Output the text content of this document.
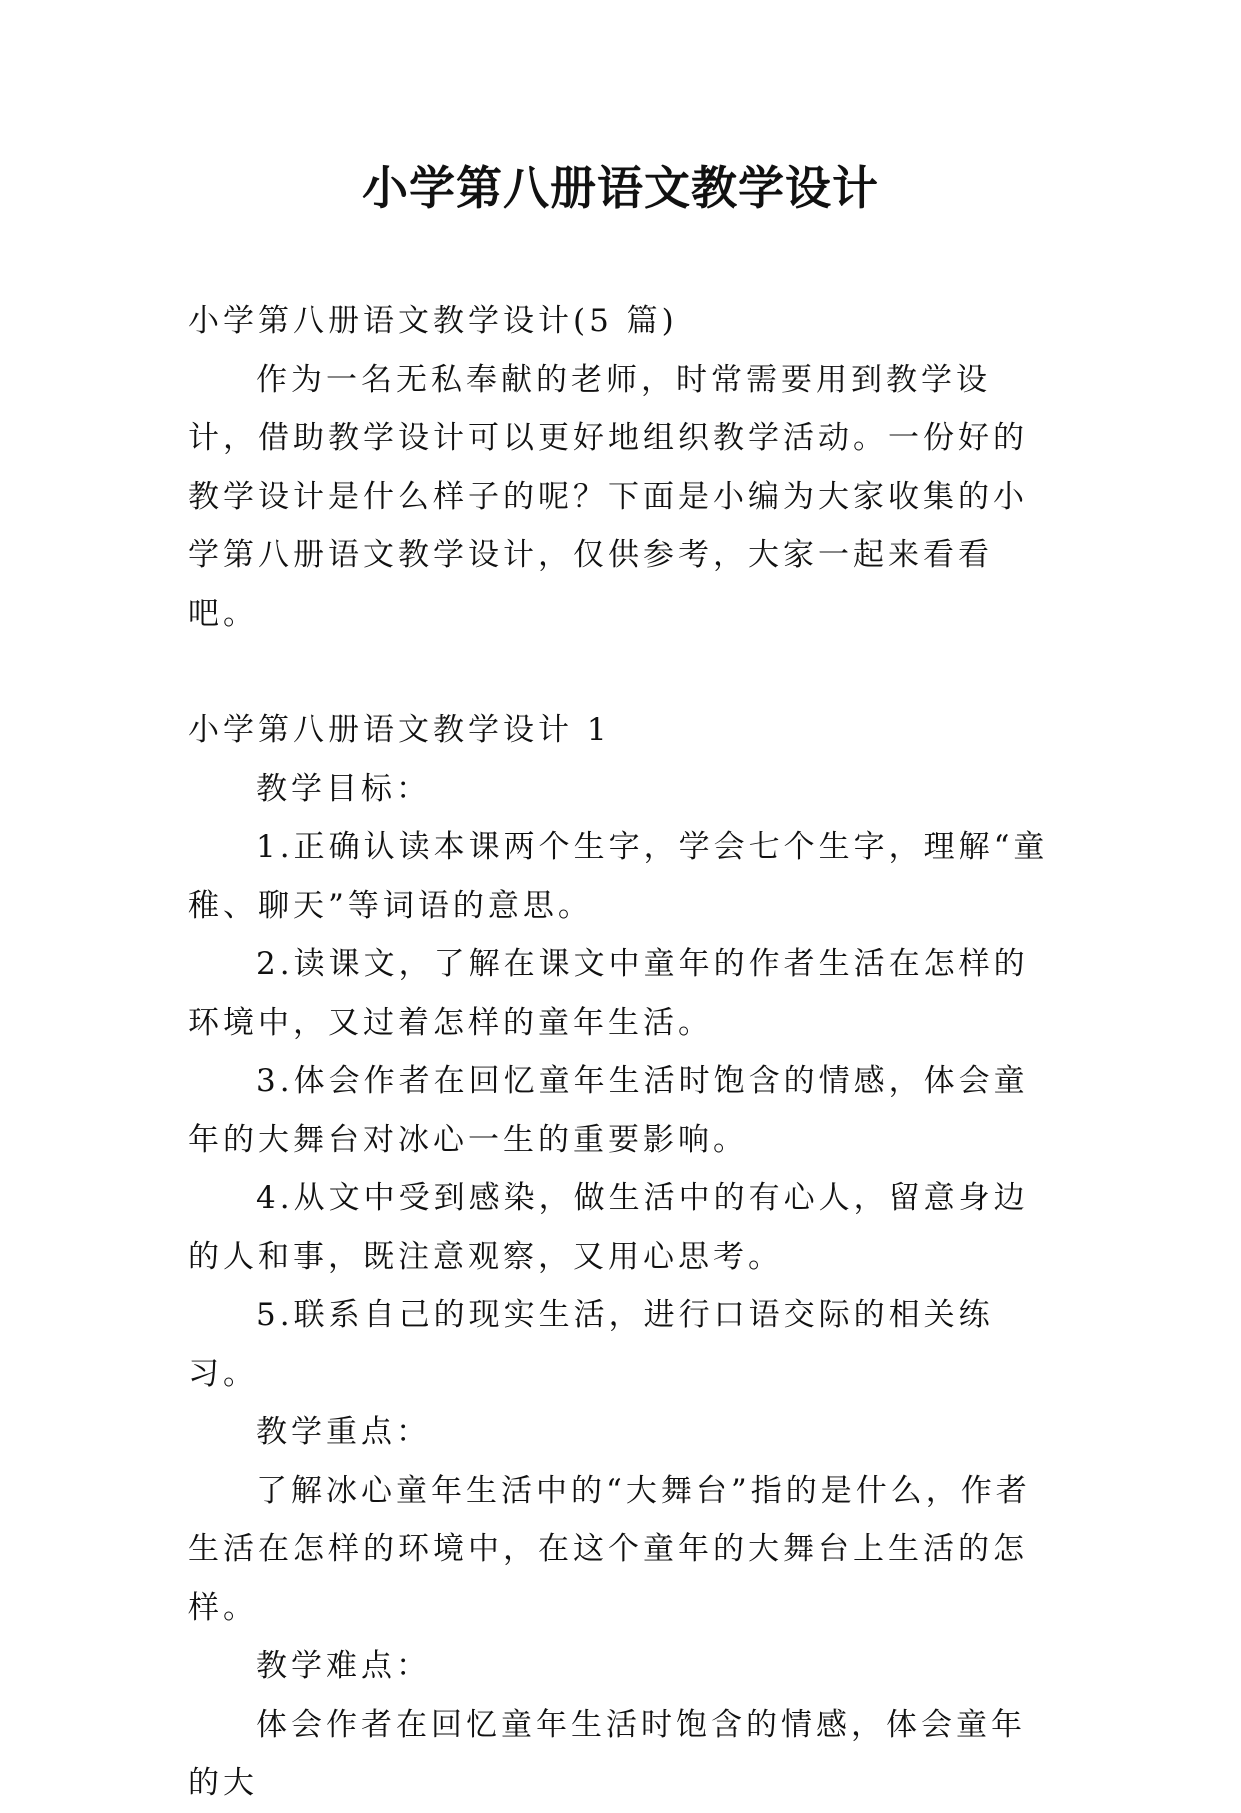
小学第八册语文教学设计

小学第八册语文教学设计(5 篇)

作为一名无私奉献的老师，时常需要用到教学设计，借助教学设计可以更好地组织教学活动。一份好的教学设计是什么样子的呢？下面是小编为大家收集的小学第八册语文教学设计，仅供参考，大家一起来看看吧。

小学第八册语文教学设计 1

教学目标：

1.正确认读本课两个生字，学会七个生字，理解“童稚、聊天”等词语的意思。

2.读课文，了解在课文中童年的作者生活在怎样的环境中，又过着怎样的童年生活。

3.体会作者在回忆童年生活时饱含的情感，体会童年的大舞台对冰心一生的重要影响。

4.从文中受到感染，做生活中的有心人，留意身边的人和事，既注意观察，又用心思考。

5.联系自己的现实生活，进行口语交际的相关练习。

教学重点：

了解冰心童年生活中的“大舞台”指的是什么，作者生活在怎样的环境中，在这个童年的大舞台上生活的怎样。

教学难点：

体会作者在回忆童年生活时饱含的情感，体会童年的大
